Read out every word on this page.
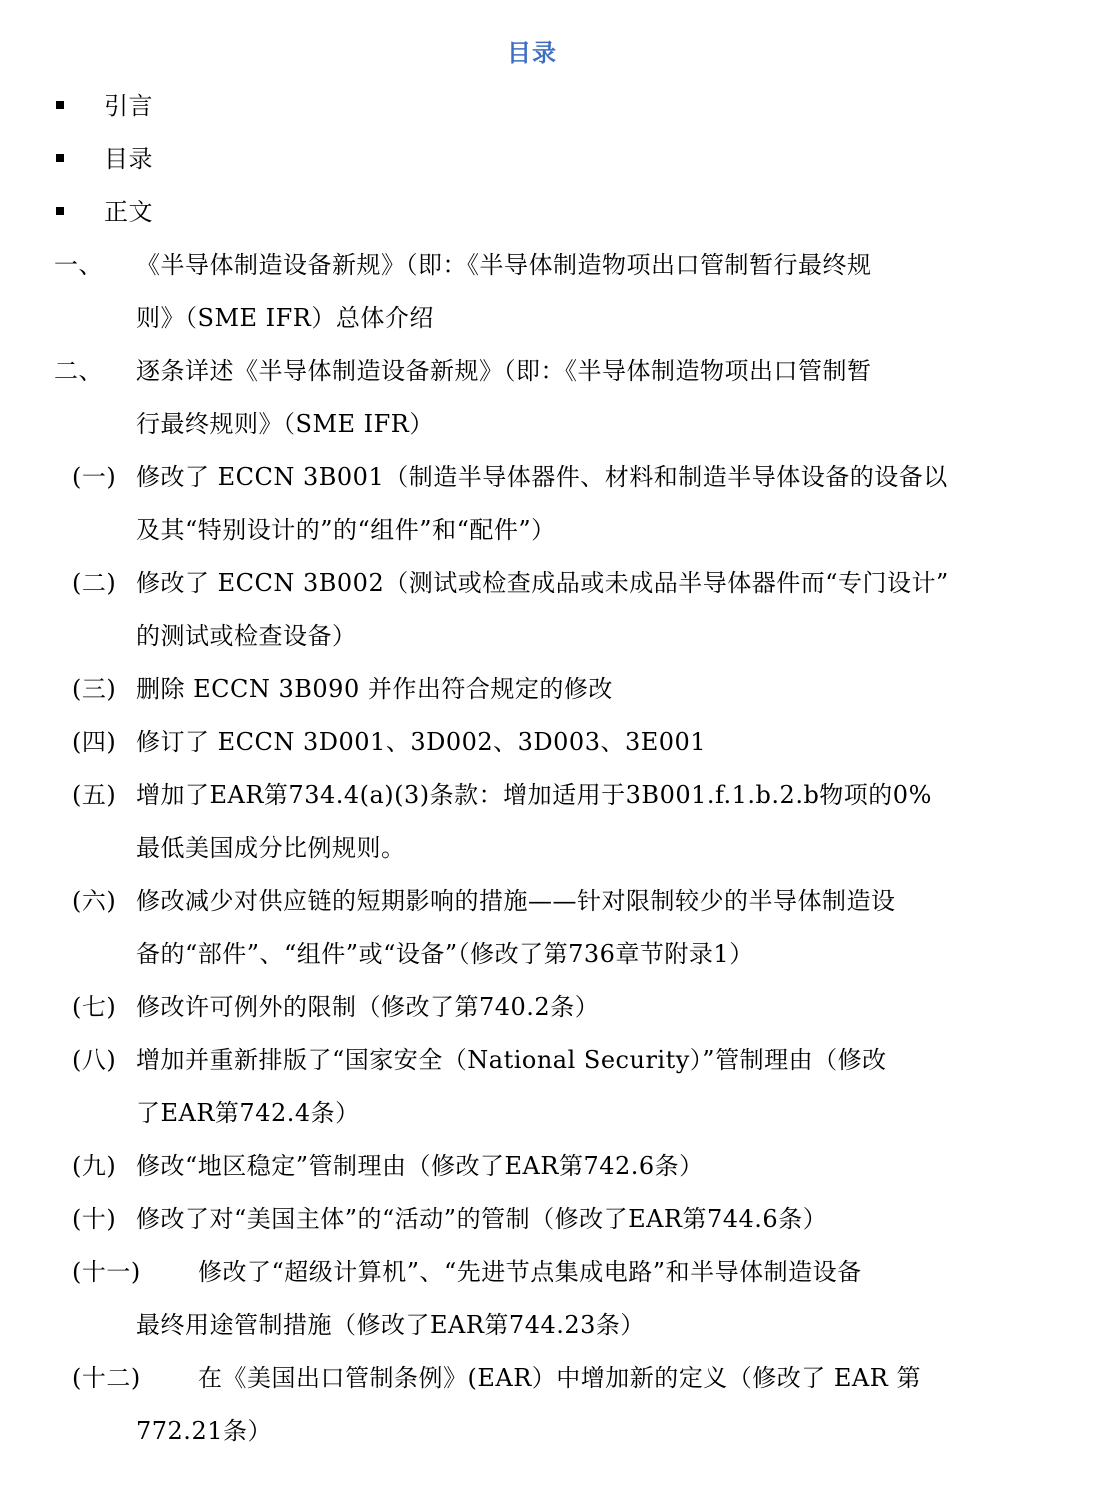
目录
引言
目录
正文
一、 《半导体制造设备新规》（即：《半导体制造物项出口管制暂行最终规
则》（SME IFR）总体介绍
二、 逐条详述《半导体制造设备新规》（即：《半导体制造物项出口管制暂
行最终规则》（SME IFR）
(一) 修改了 ECCN 3B001（制造半导体器件、材料和制造半导体设备的设备以
及其“特别设计的”的“组件”和“配件”）
(二) 修改了 ECCN 3B002（测试或检查成品或未成品半导体器件而“专门设计”
的测试或检查设备）
(三) 删除 ECCN 3B090 并作出符合规定的修改
(四) 修订了 ECCN 3D001、3D002、3D003、3E001
(五) 增加了EAR第734.4(a)(3)条款：增加适用于3B001.f.1.b.2.b物项的0%
最低美国成分比例规则。
(六) 修改减少对供应链的短期影响的措施——针对限制较少的半导体制造设
备的“部件”、“组件”或“设备”（修改了第736章节附录1）
(七) 修改许可例外的限制（修改了第740.2条）
(八) 增加并重新排版了“国家安全（National Security）”管制理由（修改
了EAR第742.4条）
(九) 修改“地区稳定”管制理由（修改了EAR第742.6条）
(十) 修改了对“美国主体”的“活动”的管制（修改了EAR第744.6条）
(十一) 修改了“超级计算机”、“先进节点集成电路”和半导体制造设备
最终用途管制措施（修改了EAR第744.23条）
(十二) 在《美国出口管制条例》(EAR）中增加新的定义（修改了 EAR 第
772.21条）
